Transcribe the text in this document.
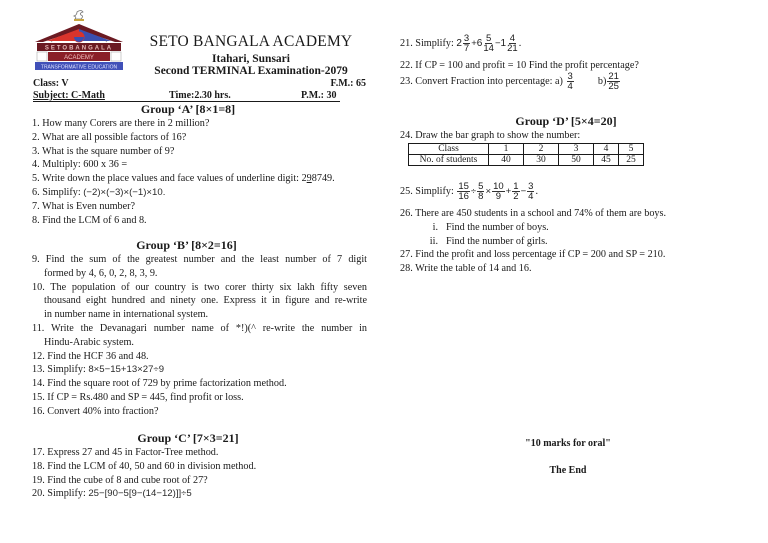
SETOBANGALA
ACADEMY
TRANSFORMATIVE EDUCATION
SETO BANGALA ACADEMY
Itahari, Sunsari
Second TERMINAL Examination-2079
Class: V	F.M.: 65
Subject: C-Math	Time:2.30 hrs.	P.M.: 30
Group ‘A’ [8×1=8]
1. How many Corers are there in 2 million?
2. What are all possible factors of 16?
3. What is the square number of 9?
4. Multiply: 600 x 36 =
5. Write down the place values and face values of underline digit: 298749.
6. Simplify: (−2)×(−3)×(−1)×10.
7. What is Even number?
8. Find the LCM of 6 and 8.
Group ‘B’ [8×2=16]
9. Find the sum of the greatest number and the least number of 7 digit
formed by 4, 6, 0, 2, 8, 3, 9.
10. The population of our country is two corer thirty six lakh fifty seven
thousand eight hundred and ninety one. Express it in figure and re-write
in number name in international system.
11. Write the Devanagari number name of *!)(^ re-write the number in
Hindu-Arabic system.
12. Find the HCF 36 and 48.
13. Simplify: 8×5−15+13×27÷9
14. Find the square root of 729 by prime factorization method.
15. If CP = Rs.480 and SP = 445, find profit or loss.
16. Convert 40% into fraction?
Group ‘C’ [7×3=21]
17. Express 27 and 45 in Factor-Tree method.
18. Find the LCM of 40, 50 and 60 in division method.
19. Find the cube of 8 and cube root of 27?
20. Simplify: 25−[90−5[9−(14−12)]]÷5
21. Simplify: $2 \frac{3}{7} +6 \frac{5}{14} -1 \frac{4}{21}$ .
22. If CP = 100 and profit = 10 Find the profit percentage?
23. Convert Fraction into percentage: $a) \frac{3}{4} b) \frac{21}{25}$
Group ‘D’ [5×4=20]
24. Draw the bar graph to show the number:
Class	1	2	3	4	5
No. of students	40	30	50	45	25
25. Simplify: $\frac{15}{16} \div \frac{5}{8} \times \frac{10}{9} + \frac{1}{2} - \frac{3}{4}$ .
26. There are 450 students in a school and 74% of them are boys.
i. Find the number of boys.
ii. Find the number of girls.
27. Find the profit and loss percentage if CP = 200 and SP = 210.
28. Write the table of 14 and 16.
"10 marks for oral"
The End
